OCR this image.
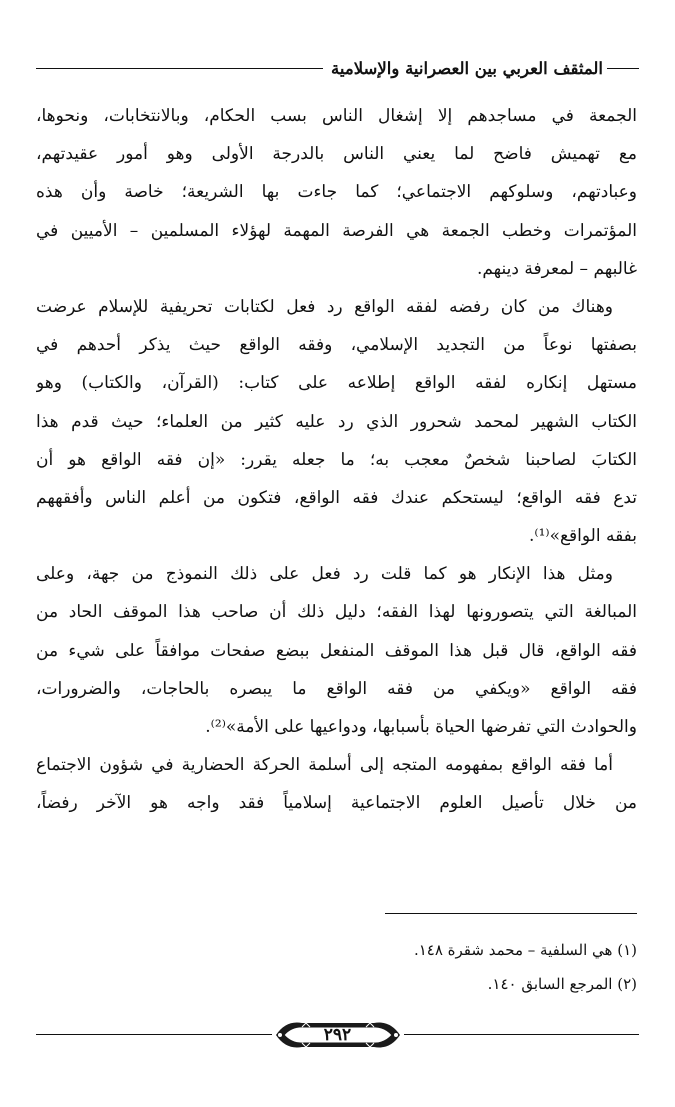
المثقف العربي بين العصرانية والإسلامية
الجمعة في مساجدهم إلا إشغال الناس بسب الحكام، وبالانتخابات، ونحوها،
مع تهميش فاضح لما يعني الناس بالدرجة الأولى وهو أمور عقيدتهم،
وعبادتهم، وسلوكهم الاجتماعي؛ كما جاءت بها الشريعة؛ خاصة وأن هذه
المؤتمرات وخطب الجمعة هي الفرصة المهمة لهؤلاء المسلمين – الأميين في
غالبهم – لمعرفة دينهم.
وهناك من كان رفضه لفقه الواقع رد فعل لكتابات تحريفية للإسلام عرضت
بصفتها نوعاً من التجديد الإسلامي، وفقه الواقع حيث يذكر أحدهم في
مستهل إنكاره لفقه الواقع إطلاعه على كتاب: (القرآن، والكتاب) وهو
الكتاب الشهير لمحمد شحرور الذي رد عليه كثير من العلماء؛ حيث قدم هذا
الكتابَ لصاحبنا شخصٌ معجب به؛ ما جعله يقرر: «إن فقه الواقع هو أن
تدع فقه الواقع؛ ليستحكم عندك فقه الواقع، فتكون من أعلم الناس وأفقههم
بفقه الواقع»⁽¹⁾.
ومثل هذا الإنكار هو كما قلت رد فعل على ذلك النموذج من جهة، وعلى
المبالغة التي يتصورونها لهذا الفقه؛ دليل ذلك أن صاحب هذا الموقف الحاد من
فقه الواقع، قال قبل هذا الموقف المنفعل ببضع صفحات موافقاً على شيء من
فقه الواقع «ويكفي من فقه الواقع ما يبصره بالحاجات، والضرورات،
والحوادث التي تفرضها الحياة بأسبابها، ودواعيها على الأمة»⁽²⁾.
أما فقه الواقع بمفهومه المتجه إلى أسلمة الحركة الحضارية في شؤون الاجتماع
من خلال تأصيل العلوم الاجتماعية إسلامياً فقد واجه هو الآخر رفضاً،
(١) هي السلفية – محمد شقرة ١٤٨.
(٢) المرجع السابق ١٤٠.
٢٩٢
